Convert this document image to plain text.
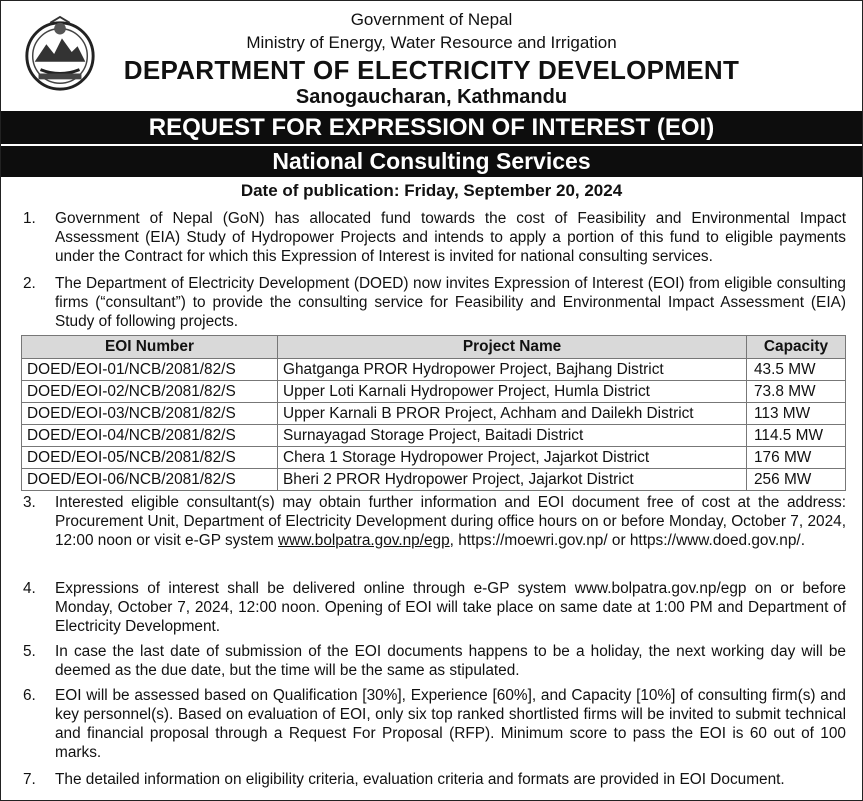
Government of Nepal
Ministry of Energy, Water Resource and Irrigation
DEPARTMENT OF ELECTRICITY DEVELOPMENT
Sanogaucharan, Kathmandu
REQUEST FOR EXPRESSION OF INTEREST (EOI)
National Consulting Services
Date of publication: Friday, September 20, 2024
1. Government of Nepal (GoN) has allocated fund towards the cost of Feasibility and Environmental Impact Assessment (EIA) Study of Hydropower Projects and intends to apply a portion of this fund to eligible payments under the Contract for which this Expression of Interest is invited for national consulting services.
2. The Department of Electricity Development (DOED) now invites Expression of Interest (EOI) from eligible consulting firms (“consultant”) to provide the consulting service for Feasibility and Environmental Impact Assessment (EIA) Study of following projects.
EOI Number	Project Name	Capacity
DOED/EOI-01/NCB/2081/82/S	Ghatganga PROR Hydropower Project, Bajhang District	43.5 MW
DOED/EOI-02/NCB/2081/82/S	Upper Loti Karnali Hydropower Project, Humla District	73.8 MW
DOED/EOI-03/NCB/2081/82/S	Upper Karnali B PROR Project, Achham and Dailekh District	113 MW
DOED/EOI-04/NCB/2081/82/S	Surnayagad Storage Project, Baitadi District	114.5 MW
DOED/EOI-05/NCB/2081/82/S	Chera 1 Storage Hydropower Project, Jajarkot District	176 MW
DOED/EOI-06/NCB/2081/82/S	Bheri 2 PROR Hydropower Project, Jajarkot District	256 MW
3. Interested eligible consultant(s) may obtain further information and EOI document free of cost at the address: Procurement Unit, Department of Electricity Development during office hours on or before Monday, October 7, 2024, 12:00 noon or visit e-GP system www.bolpatra.gov.np/egp, https://moewri.gov.np/ or https://www.doed.gov.np/.
4. Expressions of interest shall be delivered online through e-GP system www.bolpatra.gov.np/egp on or before Monday, October 7, 2024, 12:00 noon. Opening of EOI will take place on same date at 1:00 PM and Department of Electricity Development.
5. In case the last date of submission of the EOI documents happens to be a holiday, the next working day will be deemed as the due date, but the time will be the same as stipulated.
6. EOI will be assessed based on Qualification [30%], Experience [60%], and Capacity [10%] of consulting firm(s) and key personnel(s). Based on evaluation of EOI, only six top ranked shortlisted firms will be invited to submit technical and financial proposal through a Request For Proposal (RFP). Minimum score to pass the EOI is 60 out of 100 marks.
7. The detailed information on eligibility criteria, evaluation criteria and formats are provided in EOI Document.
